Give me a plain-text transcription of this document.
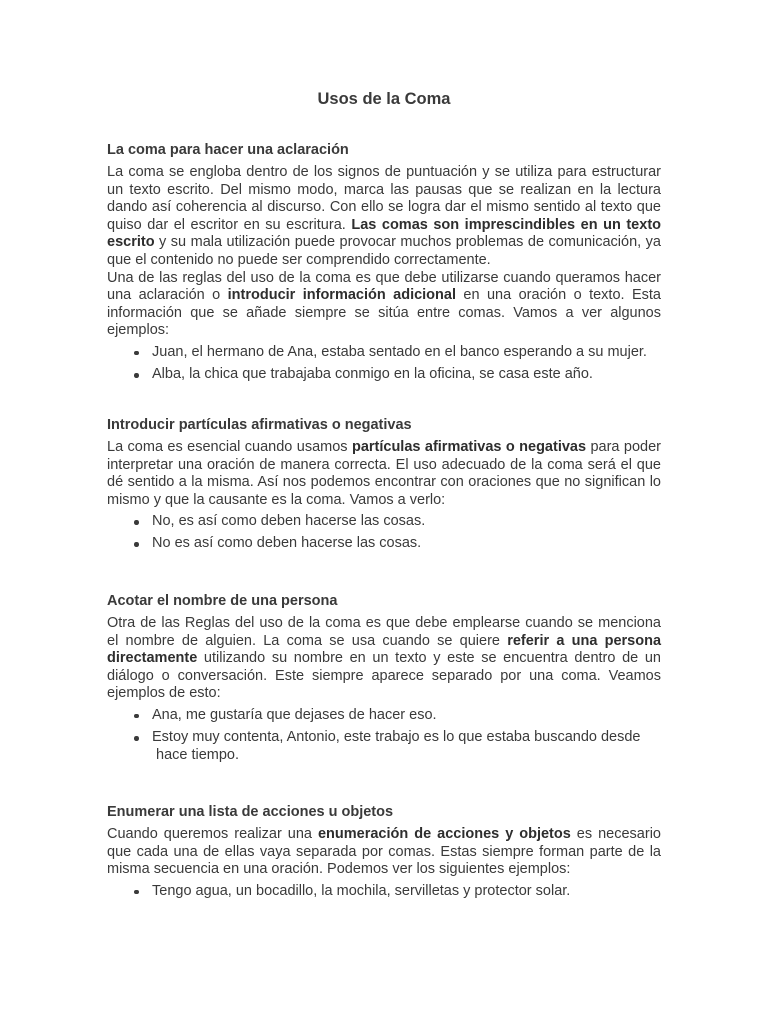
Usos de la Coma
La coma para hacer una aclaración

La coma se engloba dentro de los signos de puntuación y se utiliza para estructurar un texto escrito. Del mismo modo, marca las pausas que se realizan en la lectura dando así coherencia al discurso. Con ello se logra dar el mismo sentido al texto que quiso dar el escritor en su escritura. Las comas son imprescindibles en un texto escrito y su mala utilización puede provocar muchos problemas de comunicación, ya que el contenido no puede ser comprendido correctamente.

Una de las reglas del uso de la coma es que debe utilizarse cuando queramos hacer una aclaración o introducir información adicional en una oración o texto. Esta información que se añade siempre se sitúa entre comas. Vamos a ver algunos ejemplos:

Juan, el hermano de Ana, estaba sentado en el banco esperando a su mujer.
Alba, la chica que trabajaba conmigo en la oficina, se casa este año.
Introducir partículas afirmativas o negativas

La coma es esencial cuando usamos partículas afirmativas o negativas para poder interpretar una oración de manera correcta. El uso adecuado de la coma será el que dé sentido a la misma. Así nos podemos encontrar con oraciones que no significan lo mismo y que la causante es la coma. Vamos a verlo:

No, es así como deben hacerse las cosas.
No es así como deben hacerse las cosas.
Acotar el nombre de una persona

Otra de las Reglas del uso de la coma es que debe emplearse cuando se menciona el nombre de alguien. La coma se usa cuando se quiere referir a una persona directamente utilizando su nombre en un texto y este se encuentra dentro de un diálogo o conversación. Este siempre aparece separado por una coma. Veamos ejemplos de esto:

Ana, me gustaría que dejases de hacer eso.
Estoy muy contenta, Antonio, este trabajo es lo que estaba buscando desde
hace tiempo.
Enumerar una lista de acciones u objetos

Cuando queremos realizar una enumeración de acciones y objetos es necesario que cada una de ellas vaya separada por comas. Estas siempre forman parte de la misma secuencia en una oración. Podemos ver los siguientes ejemplos:

Tengo agua, un bocadillo, la mochila, servilletas y protector solar.
